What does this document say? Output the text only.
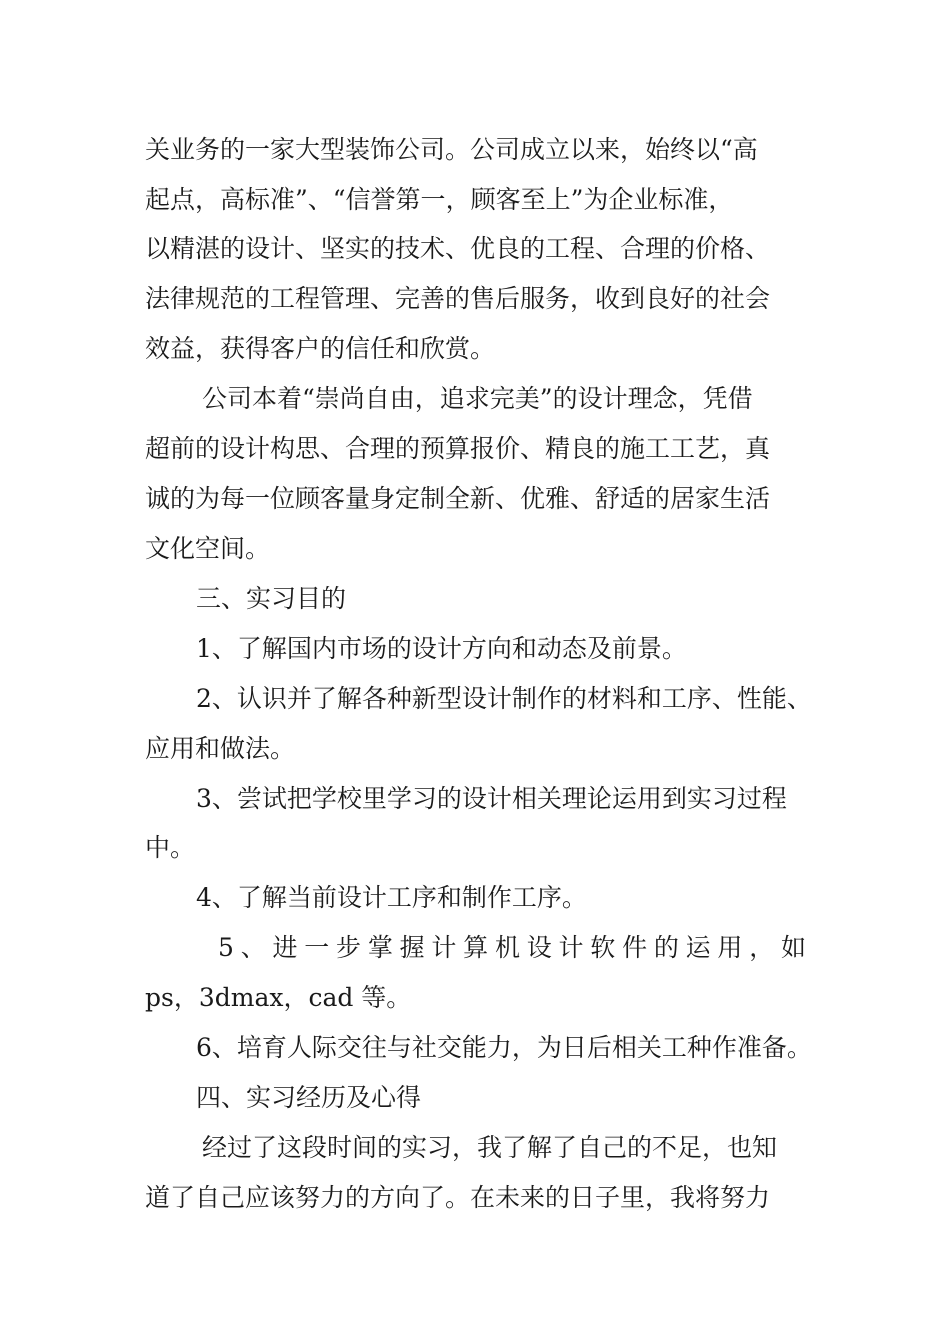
关业务的一家大型装饰公司。公司成立以来，始终以“高
起点，高标准”、“信誉第一，顾客至上”为企业标准，
以精湛的设计、坚实的技术、优良的工程、合理的价格、
法律规范的工程管理、完善的售后服务，收到良好的社会
效益，获得客户的信任和欣赏。
公司本着“崇尚自由，追求完美”的设计理念，凭借
超前的设计构思、合理的预算报价、精良的施工工艺，真
诚的为每一位顾客量身定制全新、优雅、舒适的居家生活
文化空间。
三、实习目的
1、了解国内市场的设计方向和动态及前景。
2、认识并了解各种新型设计制作的材料和工序、性能、
应用和做法。
3、尝试把学校里学习的设计相关理论运用到实习过程
中。
4、了解当前设计工序和制作工序。
5、进一步掌握计算机设计软件的运用，如
ps，3dmax，cad 等。
6、培育人际交往与社交能力，为日后相关工种作准备。
四、实习经历及心得
经过了这段时间的实习，我了解了自己的不足，也知
道了自己应该努力的方向了。在未来的日子里，我将努力
